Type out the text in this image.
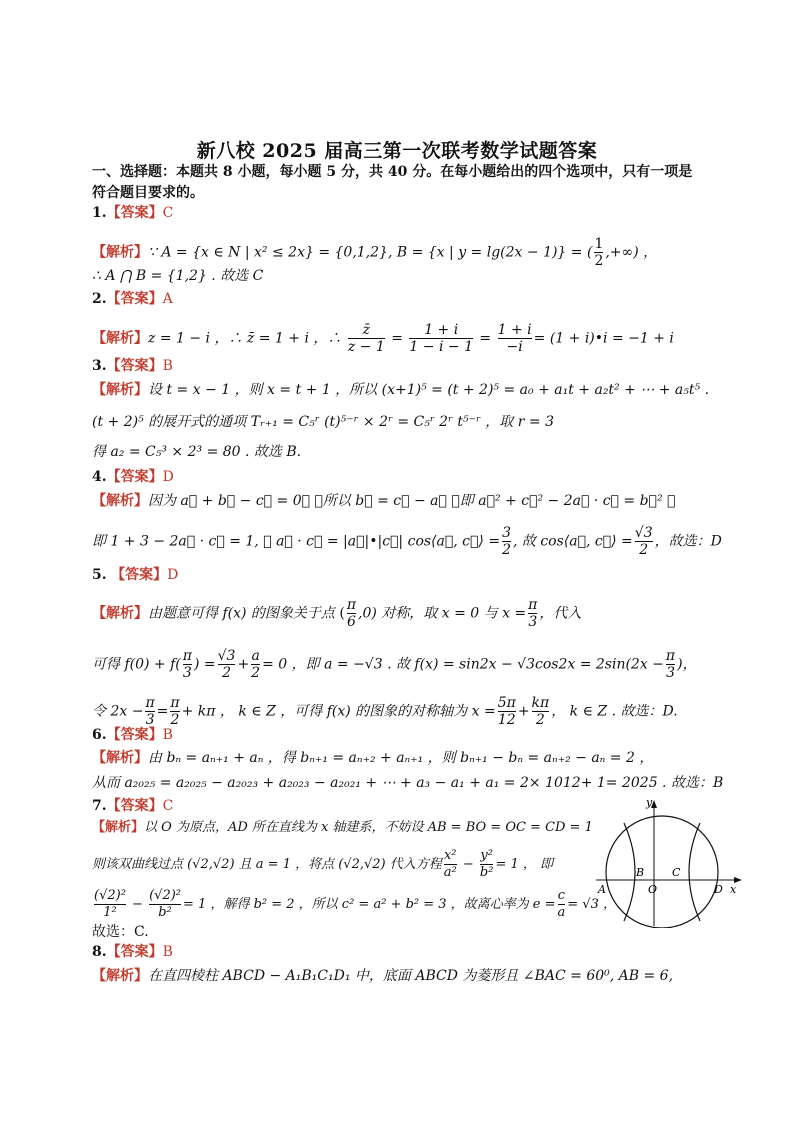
新八校 2025 届高三第一次联考数学试题答案
一、选择题：本题共 8 小题，每小题 5 分，共 40 分。在每小题给出的四个选项中，只有一项是
符合题目要求的。
1.【答案】C
【解析】∵ A = {x ∈ N | x² ≤ 2x} = {0,1,2}, B = {x | y = lg(2x − 1)} = ( $\frac{1}{2}$ ,+∞) ，
∴ A ⋂ B = {1,2} . 故选 C
2.【答案】A
【解析】z = 1 − i ，∴ z̄ = 1 + i ，∴ $\frac{z̄}{z - 1} = \frac{1 + i}{1 - i - 1} = \frac{1 + i}{-i} = (1$ + i)•i = −1 + i
3.【答案】B
【解析】设 t = x − 1 ，则 x = t + 1 ，所以 (x+1)⁵ = (t + 2)⁵ = a₀ + a₁t + a₂t² + ⋯ + a₅t⁵ .
(t + 2)⁵ 的展开式的通项 Tᵣ₊₁ = C₅ʳ (t)⁵⁻ʳ × 2ʳ = C₅ʳ 2ʳ t⁵⁻ʳ ，取 r = 3
得 a₂ = C₅³ × 2³ = 80 . 故选 B.
4.【答案】D
【解析】因为 a⃗ + b⃗ − c⃗ = 0⃗ ，所以 b⃗ = c⃗ − a⃗ ，即 a⃗² + c⃗² − 2a⃗ · c⃗ = b⃗² ，
即 1 + 3 − 2a⃗ · c⃗ = 1, ∴ a⃗ · c⃗ = |a⃗|•|c⃗| cos⟨a⃗, c⃗⟩ = $\frac{3}{2}$ , 故 cos⟨a⃗, c⃗⟩ = $\frac{√3}{2}$ ，故选：D
5. 【答案】D
【解析】由题意可得 f(x) 的图象关于点 ( $\frac{\pi}{6} ,0$) 对称，取 x = 0 与 $x = \frac{\pi}{3}$ ，代入
可得 $f(0) + f( \frac{\pi}{3}$ ) = $\frac{√3}{2} + \frac{a}{2} = 0$ ，即 a = −√3 . 故 $f(x) = \sin 2x - √3\cos 2x = 2\sin(2x - \frac{\pi}{3}$ )，
令 $2x - \frac{\pi}{3} = \frac{\pi}{2} + k\pi$ ， k ∈ Z ，可得 f(x) 的图象的对称轴为 $x = \frac{5\pi}{12} + \frac{k\pi}{2}$ ， k ∈ Z . 故选：D.
6.【答案】B
【解析】由 bₙ = aₙ₊₁ + aₙ ，得 bₙ₊₁ = aₙ₊₂ + aₙ₊₁ ，则 bₙ₊₁ − bₙ = aₙ₊₂ − aₙ = 2 ，
从而 a₂₀₂₅ = a₂₀₂₅ − a₂₀₂₃ + a₂₀₂₃ − a₂₀₂₁ + ⋯ + a₃ − a₁ + a₁ = 2× 1012+ 1= 2025 . 故选：B
7.【答案】C
【解析】以 O 为原点，AD 所在直线为 x 轴建系，不妨设 AB = BO = OC = CD = 1
则该双曲线过点 (√2,√2) 且 a = 1 ，将点 (√2,√2) 代入方程 $\frac{\text{x²}}{\text{a²}} - \frac{\text{y²}}{\text{b²}} = 1$ ， 即
$\frac{\text{(√2)²}}{\text{1²}} - \frac{\text{(√2)²}}{\text{b²}} = 1$ ，解得 b² = 2 ，所以 c² = a² + b² = 3 ，故离心率为 $e = \frac{c}{a} = √3$ ，
故选：C.
y
x
A
B
O
C
D
8.【答案】B
【解析】在直四棱柱 ABCD − A₁B₁C₁D₁ 中，底面 ABCD 为菱形且 ∠BAC = 60⁰, AB = 6,
